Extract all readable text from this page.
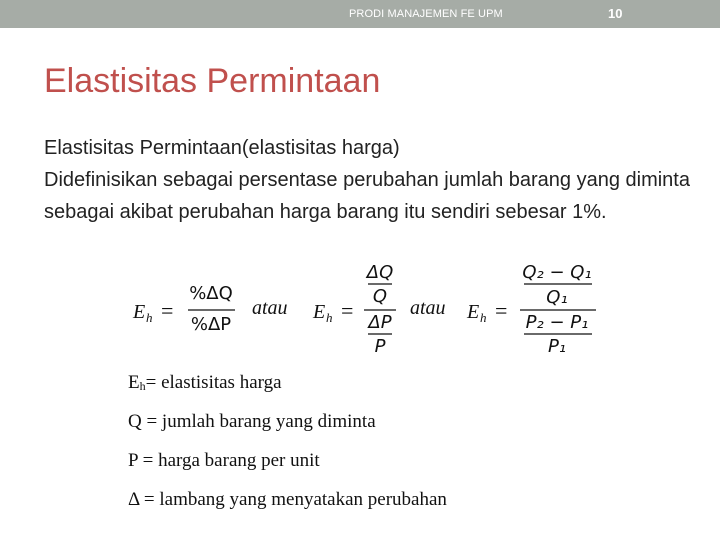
PRODI MANAJEMEN FE UPM	10
Elastisitas Permintaan

Elastisitas Permintaan(elastisitas harga)

Didefinisikan sebagai persentase perubahan jumlah barang yang diminta sebagai akibat perubahan harga barang itu sendiri sebesar 1%.

E h =
%ΔQ
%ΔP
atau E h =
ΔQ
Q
ΔP
P
atau E h =
Q₂ − Q₁
Q₁
P₂ − P₁
P₁
Eh= elastisitas harga
Q = jumlah barang yang diminta
P = harga barang per unit
Δ = lambang yang menyatakan perubahan
